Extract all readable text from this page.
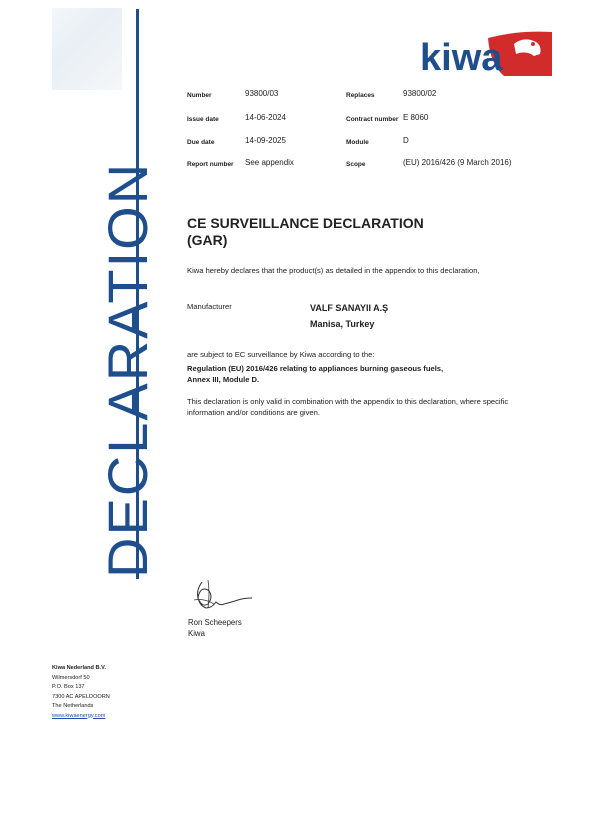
DECLARATION
kiwa
Number	93800/03	Replaces	93800/02
Issue date	14-06-2024	Contract number E 8060
Due date	14-09-2025	Module	D
Report number See appendix	Scope	(EU) 2016/426 (9 March 2016)
CE SURVEILLANCE DECLARATION
(GAR)
Kiwa hereby declares that the product(s) as detailed in the appendix to this declaration,
Manufacturer	VALF SANAYII A.Ş
Manisa, Turkey
are subject to EC surveillance by Kiwa according to the:
Regulation (EU) 2016/426 relating to appliances burning gaseous fuels,
Annex III, Module D.
This declaration is only valid in combination with the appendix to this declaration, where specific
information and/or conditions are given.
Ron Scheepers
Kiwa
Kiwa Nederland B.V.
Wilmersdorf 50
P.O. Box 137
7300 AC APELDOORN
The Netherlands
www.kiwaenergy.com
